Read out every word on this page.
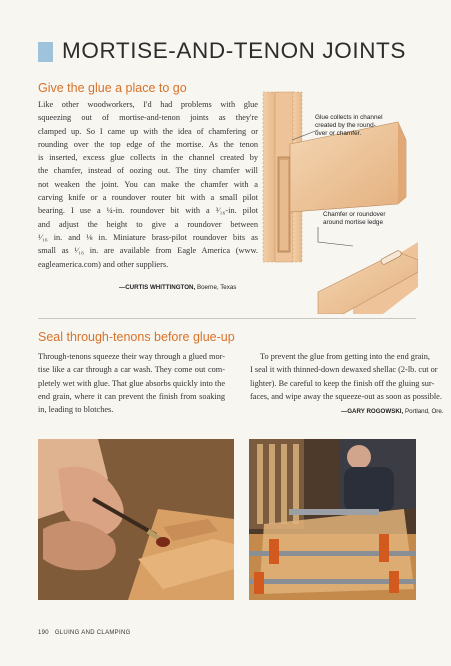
MORTISE-AND-TENON JOINTS
Give the glue a place to go
Like other woodworkers, I'd had problems with glue
squeezing out of mortise-and-tenon joints as they're
clamped up. So I came up with the idea of chamfering or
rounding over the top edge of the mortise. As the tenon
is inserted, excess glue collects in the channel created by
the chamfer, instead of oozing out. The tiny chamfer will
not weaken the joint. You can make the chamfer with a
carving knife or a roundover router bit with a small pilot
bearing. I use a ¼-in. roundover bit with a ³⁄₁₆-in. pilot
and adjust the height to give a roundover between
¹⁄₁₆ in. and ⅛ in. Miniature brass-pilot roundover bits as
small as ¹⁄₁₆ in. are available from Eagle America (www.
eagleamerica.com) and other suppliers.
—CURTIS WHITTINGTON, Boerne, Texas
Glue collects in channel
created by the round-
over or chamfer.
Chamfer or roundover
around mortise ledge
Seal through-tenons before glue-up
Through-tenons squeeze their way through a glued mor-
tise like a car through a car wash. They come out com-
pletely wet with glue. That glue absorbs quickly into the
end grain, where it can prevent the finish from soaking
in, leading to blotches.
To prevent the glue from getting into the end grain,
I seal it with thinned-down dewaxed shellac (2-lb. cut or
lighter). Be careful to keep the finish off the gluing sur-
faces, and wipe away the squeeze-out as soon as possible.
—GARY ROGOWSKI, Portland, Ore.
190 GLUING AND CLAMPING
